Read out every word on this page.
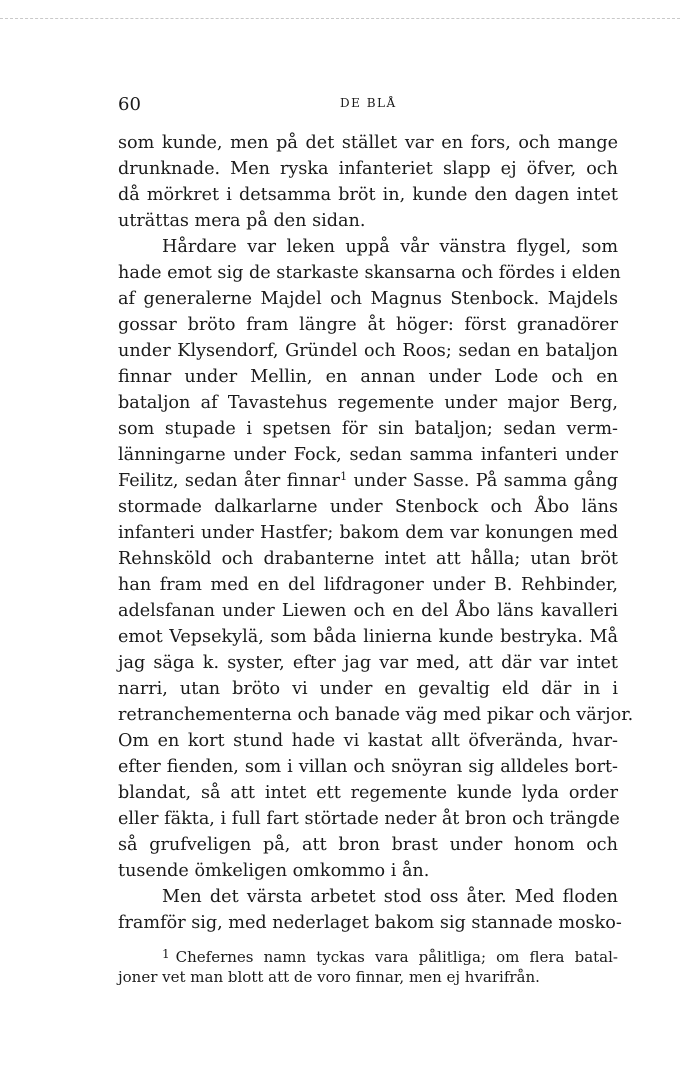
60	DE BLÅ
som kunde, men på det stället var en fors, och mange
drunknade. Men ryska infanteriet slapp ej öfver, och
då mörkret i detsamma bröt in, kunde den dagen intet
uträttas mera på den sidan.
Hårdare var leken uppå vår vänstra flygel, som
hade emot sig de starkaste skansarna och fördes i elden
af generalerne Majdel och Magnus Stenbock. Majdels
gossar bröto fram längre åt höger: först granadörer
under Klysendorf, Gründel och Roos; sedan en bataljon
finnar under Mellin, en annan under Lode och en
bataljon af Tavastehus regemente under major Berg,
som stupade i spetsen för sin bataljon; sedan verm-
länningarne under Fock, sedan samma infanteri under
Feilitz, sedan åter finnar$^1$ under Sasse. På samma gång
stormade dalkarlarne under Stenbock och Åbo läns
infanteri under Hastfer; bakom dem var konungen med
Rehnsköld och drabanterne intet att hålla; utan bröt
han fram med en del lifdragoner under B. Rehbinder,
adelsfanan under Liewen och en del Åbo läns kavalleri
emot Vepsekylä, som båda linierna kunde bestryka. Må
jag säga k. syster, efter jag var med, att där var intet
narri, utan bröto vi under en gevaltig eld där in i
retranchementerna och banade väg med pikar och värjor.
Om en kort stund hade vi kastat allt öfverända, hvar-
efter fienden, som i villan och snöyran sig alldeles bort-
blandat, så att intet ett regemente kunde lyda order
eller fäkta, i full fart störtade neder åt bron och trängde
så grufveligen på, att bron brast under honom och
tusende ömkeligen omkommo i ån.
Men det värsta arbetet stod oss åter. Med floden
framför sig, med nederlaget bakom sig stannade mosko-
$^1$ Chefernes namn tyckas vara pålitliga; om flera batal-
joner vet man blott att de voro finnar, men ej hvarifrån.
